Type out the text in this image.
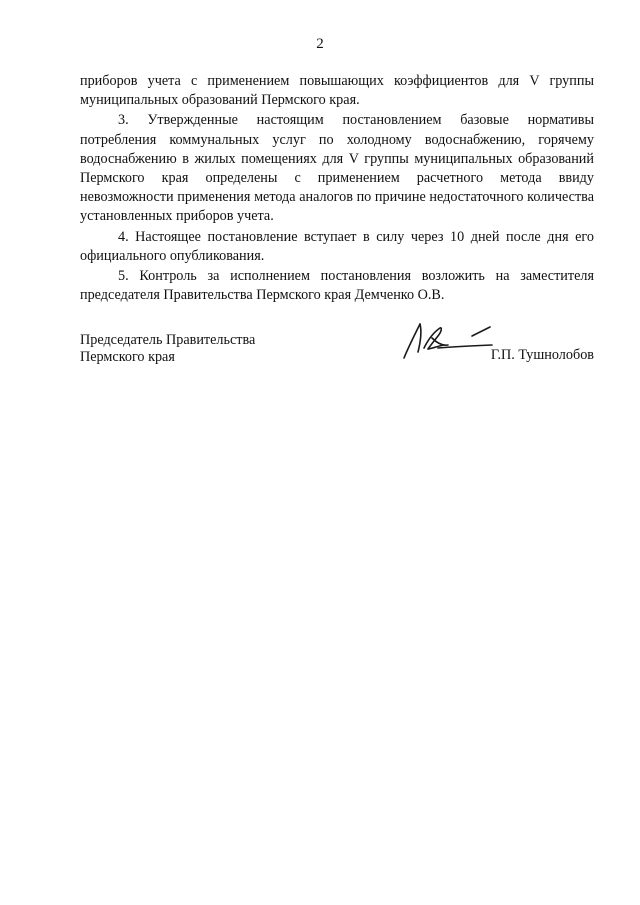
2

приборов учета с применением повышающих коэффициентов для V группы муниципальных образований Пермского края.

3. Утвержденные настоящим постановлением базовые нормативы потребления коммунальных услуг по холодному водоснабжению, горячему водоснабжению в жилых помещениях для V группы муниципальных образований Пермского края определены с применением расчетного метода ввиду невозможности применения метода аналогов по причине недостаточного количества установленных приборов учета.

4. Настоящее постановление вступает в силу через 10 дней после дня его официального опубликования.

5. Контроль за исполнением постановления возложить на заместителя председателя Правительства Пермского края Демченко О.В.

Председатель Правительства
Пермского края	Г.П. Тушнолобов
